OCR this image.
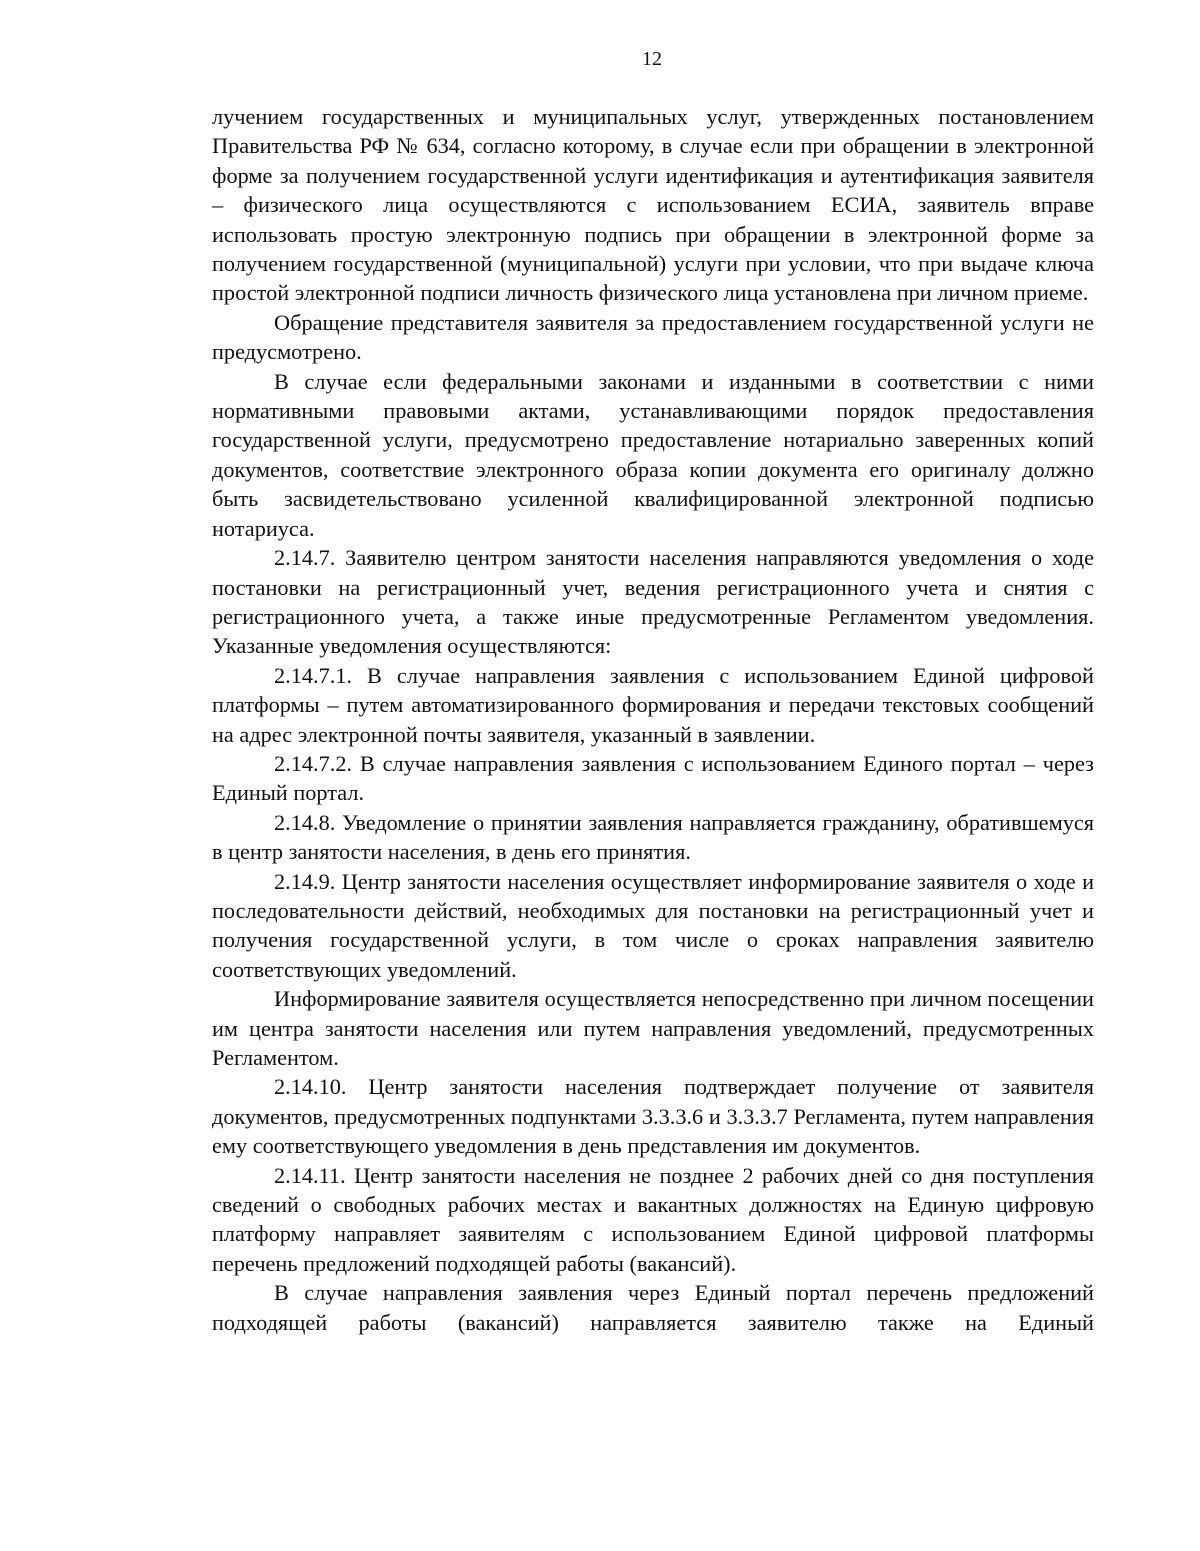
12

лучением государственных и муниципальных услуг, утвержденных постановлением Правительства РФ № 634, согласно которому, в случае если при обращении в электронной форме за получением государственной услуги идентификация и аутентификация заявителя – физического лица осуществляются с использованием ЕСИА, заявитель вправе использовать простую электронную подпись при обращении в электронной форме за получением государственной (муниципальной) услуги при условии, что при выдаче ключа простой электронной подписи личность физического лица установлена при личном приеме.

Обращение представителя заявителя за предоставлением государственной услуги не предусмотрено.

В случае если федеральными законами и изданными в соответствии с ними нормативными правовыми актами, устанавливающими порядок предоставления государственной услуги, предусмотрено предоставление нотариально заверенных копий документов, соответствие электронного образа копии документа его оригиналу должно быть засвидетельствовано усиленной квалифицированной электронной подписью нотариуса.

2.14.7. Заявителю центром занятости населения направляются уведомления о ходе постановки на регистрационный учет, ведения регистрационного учета и снятия с регистрационного учета, а также иные предусмотренные Регламентом уведомления. Указанные уведомления осуществляются:

2.14.7.1. В случае направления заявления с использованием Единой цифровой платформы – путем автоматизированного формирования и передачи текстовых сообщений на адрес электронной почты заявителя, указанный в заявлении.

2.14.7.2. В случае направления заявления с использованием Единого портал – через Единый портал.

2.14.8. Уведомление о принятии заявления направляется гражданину, обратившемуся в центр занятости населения, в день его принятия.

2.14.9. Центр занятости населения осуществляет информирование заявителя о ходе и последовательности действий, необходимых для постановки на регистрационный учет и получения государственной услуги, в том числе о сроках направления заявителю соответствующих уведомлений.

Информирование заявителя осуществляется непосредственно при личном посещении им центра занятости населения или путем направления уведомлений, предусмотренных Регламентом.

2.14.10. Центр занятости населения подтверждает получение от заявителя документов, предусмотренных подпунктами 3.3.3.6 и 3.3.3.7 Регламента, путем направления ему соответствующего уведомления в день представления им документов.

2.14.11. Центр занятости населения не позднее 2 рабочих дней со дня поступления сведений о свободных рабочих местах и вакантных должностях на Единую цифровую платформу направляет заявителям с использованием Единой цифровой платформы перечень предложений подходящей работы (вакансий).

В случае направления заявления через Единый портал перечень предложений подходящей работы (вакансий) направляется заявителю также на Единый
